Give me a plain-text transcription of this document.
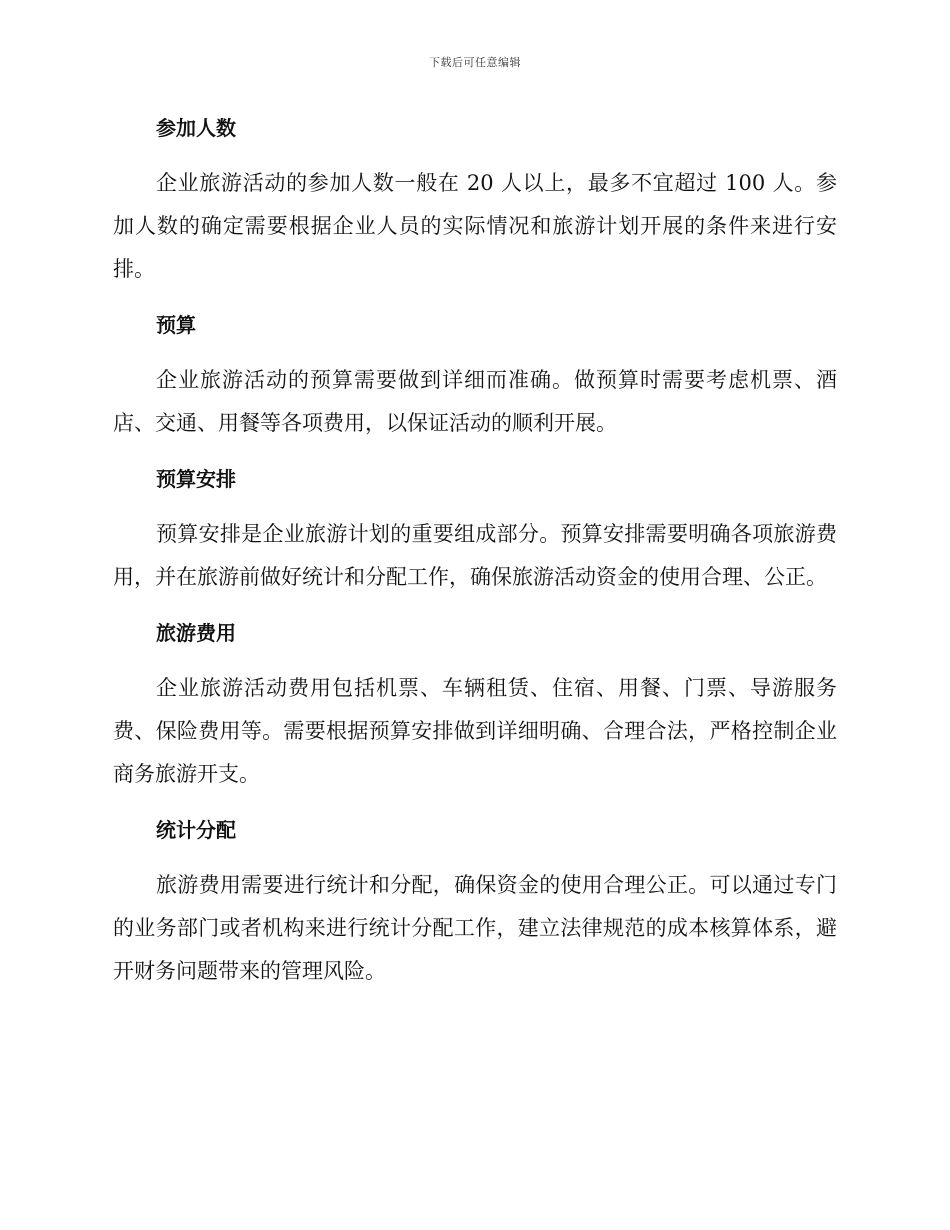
下载后可任意编辑
参加人数

企业旅游活动的参加人数一般在 20 人以上，最多不宜超过 100 人。参加人数的确定需要根据企业人员的实际情况和旅游计划开展的条件来进行安排。

预算

企业旅游活动的预算需要做到详细而准确。做预算时需要考虑机票、酒店、交通、用餐等各项费用，以保证活动的顺利开展。

预算安排

预算安排是企业旅游计划的重要组成部分。预算安排需要明确各项旅游费用，并在旅游前做好统计和分配工作，确保旅游活动资金的使用合理、公正。

旅游费用

企业旅游活动费用包括机票、车辆租赁、住宿、用餐、门票、导游服务费、保险费用等。需要根据预算安排做到详细明确、合理合法，严格控制企业商务旅游开支。

统计分配

旅游费用需要进行统计和分配，确保资金的使用合理公正。可以通过专门的业务部门或者机构来进行统计分配工作，建立法律规范的成本核算体系，避开财务问题带来的管理风险。
